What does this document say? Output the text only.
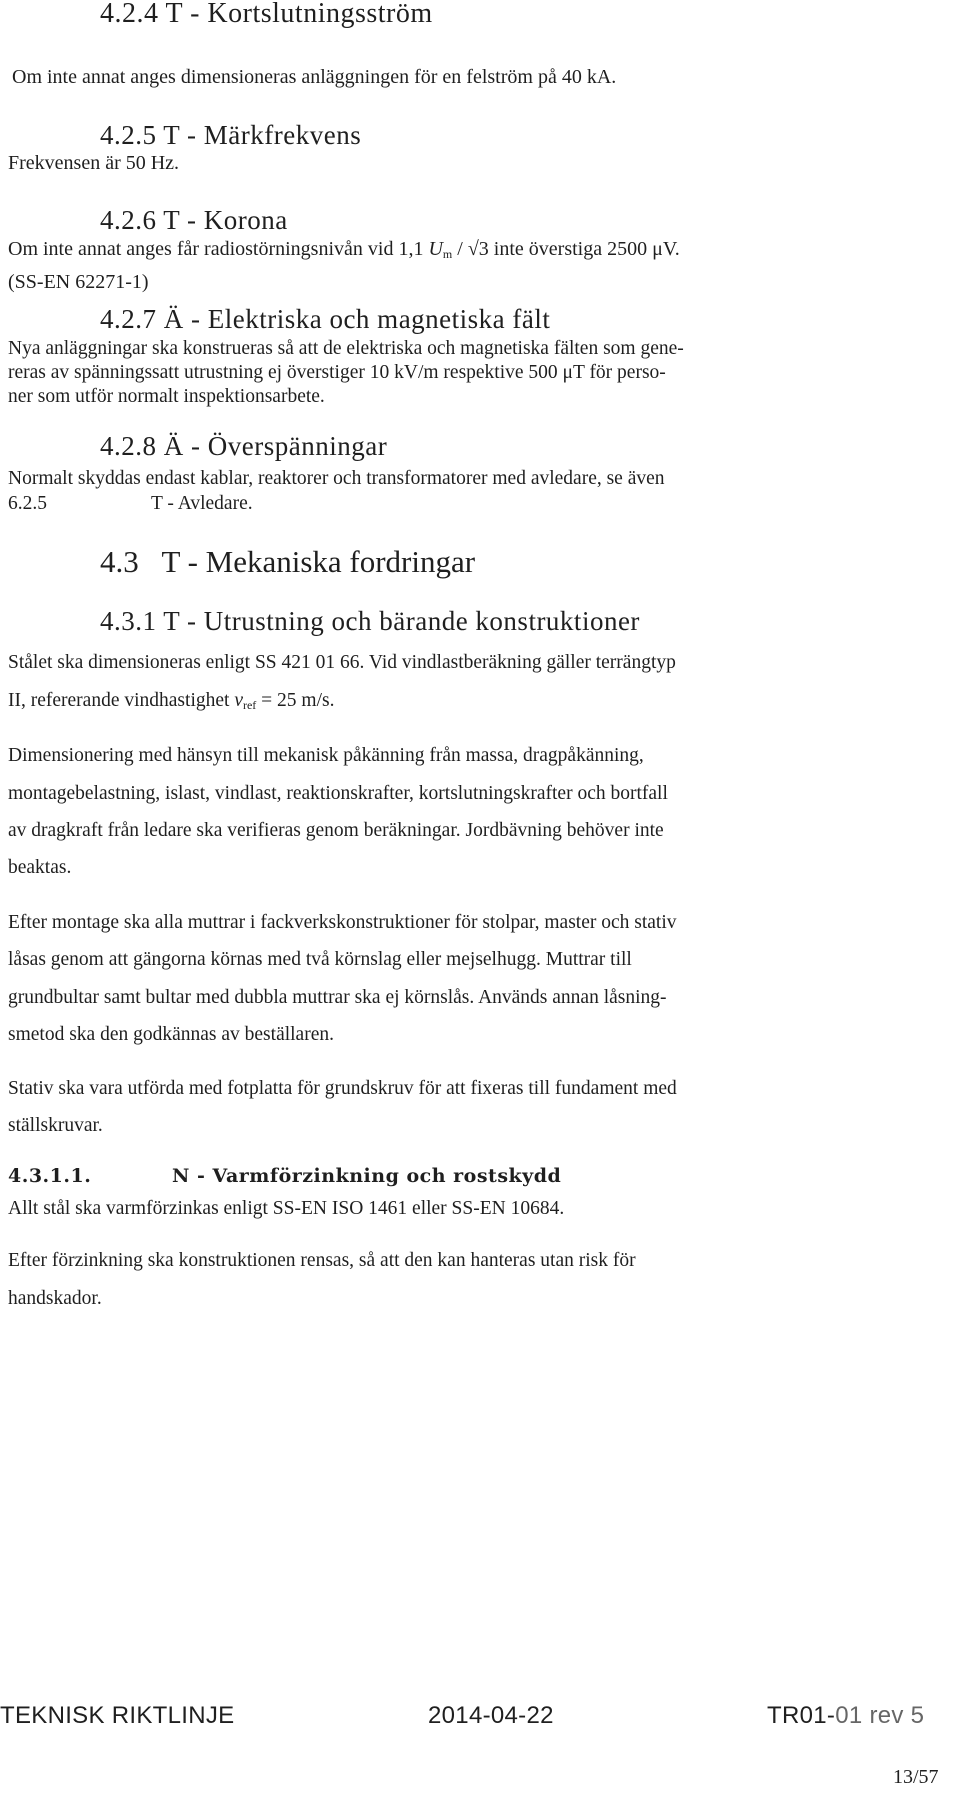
4.2.4 T - Kortslutningsström
Om inte annat anges dimensioneras anläggningen för en felström på 40 kA.
4.2.5 T - Märkfrekvens
Frekvensen är 50 Hz.
4.2.6 T - Korona
Om inte annat anges får radiostörningsnivån vid 1,1 $U_m / √3$ inte överstiga 2500 μV.
(SS-EN 62271-1)
4.2.7 Ä - Elektriska och magnetiska fält
Nya anläggningar ska konstrueras så att de elektriska och magnetiska fälten som gene-
reras av spänningssatt utrustning ej överstiger 10 kV/m respektive 500 μT för perso-
ner som utför normalt inspektionsarbete.
4.2.8 Ä - Överspänningar
Normalt skyddas endast kablar, reaktorer och transformatorer med avledare, se även
6.2.5	T - Avledare.
4.3   T - Mekaniska fordringar
4.3.1 T - Utrustning och bärande konstruktioner
Stålet ska dimensioneras enligt SS 421 01 66. Vid vindlastberäkning gäller terrängtyp
II, refererande vindhastighet $v_{ref} = 25$ m/s.
Dimensionering med hänsyn till mekanisk påkänning från massa, dragpåkänning,
montagebelastning, islast, vindlast, reaktionskrafter, kortslutningskrafter och bortfall
av dragkraft från ledare ska verifieras genom beräkningar. Jordbävning behöver inte
beaktas.
Efter montage ska alla muttrar i fackverkskonstruktioner för stolpar, master och stativ
låsas genom att gängorna körnas med två körnslag eller mejselhugg. Muttrar till
grundbultar samt bultar med dubbla muttrar ska ej körnslås. Används annan låsning-
smetod ska den godkännas av beställaren.
Stativ ska vara utförda med fotplatta för grundskruv för att fixeras till fundament med
ställskruvar.
4.3.1.1.	N - Varmförzinkning och rostskydd
Allt stål ska varmförzinkas enligt SS-EN ISO 1461 eller SS-EN 10684.
Efter förzinkning ska konstruktionen rensas, så att den kan hanteras utan risk för
handskador.
TEKNISK RIKTLINJE	2014-04-22	TR01-01 rev 5
13/57
